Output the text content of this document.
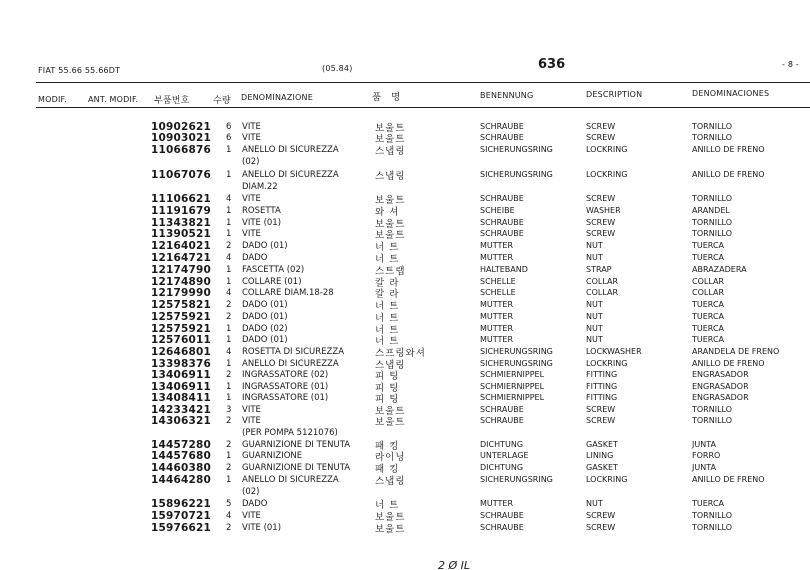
FIAT 55.66 55.66DT	(05.84)	636	- 8 -
MODIF.	ANT. MODIF. 부품번호	수량 DENOMINAZIONE	품　명	BENENNUNG	DESCRIPTION	DENOMINACIONES
10902621 6 VITE	보울트	SCHRAUBE	SCREW	TORNILLO
10903021 6 VITE	보울트	SCHRAUBE	SCREW	TORNILLO
11066876 1 ANELLO DI SICUREZZA	스냅링	SICHERUNGSRING	LOCKRING	ANILLO DE FRENO
(02)
11067076 1 ANELLO DI SICUREZZA	스냅링	SICHERUNGSRING	LOCKRING	ANILLO DE FRENO
DIAM.22
11106621 4 VITE	보울트	SCHRAUBE	SCREW	TORNILLO
11191679 1 ROSETTA	와 셔	SCHEIBE	WASHER	ARANDEL
11343821 1 VITE (01)	보울트	SCHRAUBE	SCREW	TORNILLO
11390521 1 VITE	보울트	SCHRAUBE	SCREW	TORNILLO
12164021 2 DADO (01)	너 트	MUTTER	NUT	TUERCA
12164721 4 DADO	너 트	MUTTER	NUT	TUERCA
12174790 1 FASCETTA (02)	스트랩	HALTEBAND	STRAP	ABRAZADERA
12174890 1 COLLARE (01)	칼 라	SCHELLE	COLLAR	COLLAR
12179990 4 COLLARE DIAM.18-28	칼 라	SCHELLE	COLLAR	COLLAR
12575821 2 DADO (01)	너 트	MUTTER	NUT	TUERCA
12575921 2 DADO (01)	너 트	MUTTER	NUT	TUERCA
12575921 1 DADO (02)	너 트	MUTTER	NUT	TUERCA
12576011 1 DADO (01)	너 트	MUTTER	NUT	TUERCA
12646801 4 ROSETTA DI SICUREZZA	스프링와셔	SICHERUNGSRING	LOCKWASHER	ARANDELA DE FRENO
13398376 1 ANELLO DI SICUREZZA	스냅링	SICHERUNGSRING	LOCKRING	ANILLO DE FRENO
13406911 2 INGRASSATORE (02)	피 팅	SCHMIERNIPPEL	FITTING	ENGRASADOR
13406911 1 INGRASSATORE (01)	피 팅	SCHMIERNIPPEL	FITTING	ENGRASADOR
13408411 1 INGRASSATORE (01)	피 팅	SCHMIERNIPPEL	FITTING	ENGRASADOR
14233421 3 VITE	보울트	SCHRAUBE	SCREW	TORNILLO
14306321 2 VITE	보울트	SCHRAUBE	SCREW	TORNILLO
(PER POMPA 5121076)
14457280 2 GUARNIZIONE DI TENUTA	패 킹	DICHTUNG	GASKET	JUNTA
14457680 1 GUARNIZIONE	라이닝	UNTERLAGE	LINING	FORRO
14460380 2 GUARNIZIONE DI TENUTA	패 킹	DICHTUNG	GASKET	JUNTA
14464280 1 ANELLO DI SICUREZZA	스냅링	SICHERUNGSRING	LOCKRING	ANILLO DE FRENO
(02)
15896221 5 DADO	너 트	MUTTER	NUT	TUERCA
15970721 4 VITE	보울트	SCHRAUBE	SCREW	TORNILLO
15976621 2 VITE (01)	보울트	SCHRAUBE	SCREW	TORNILLO
2 Ø IL
